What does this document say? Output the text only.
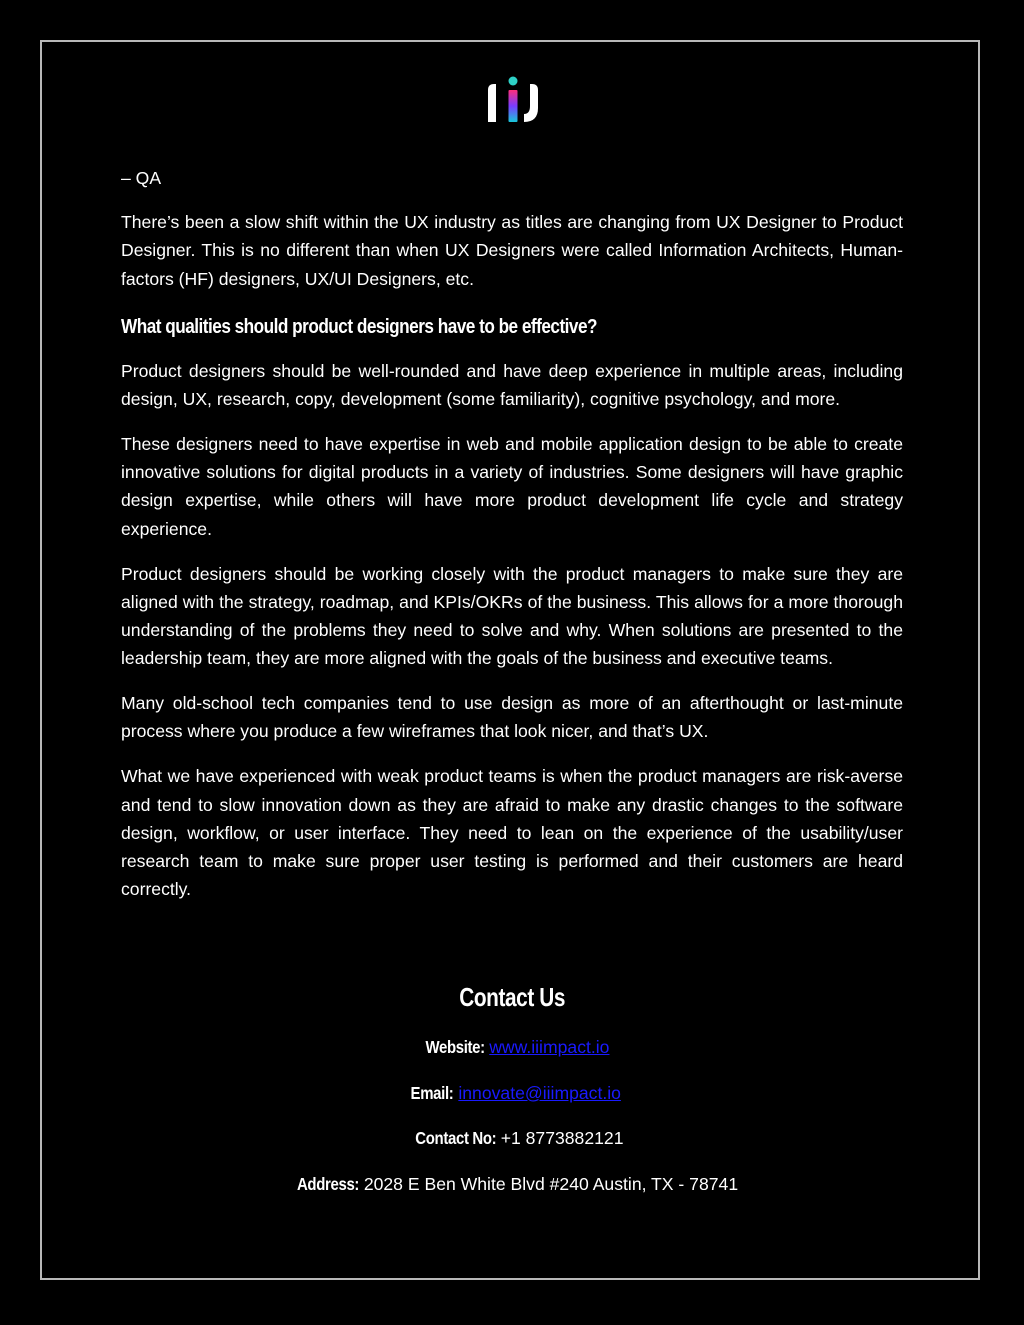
– QA

There’s been a slow shift within the UX industry as titles are changing from UX Designer to Product Designer. This is no different than when UX Designers were called Information Architects, Human-factors (HF) designers, UX/UI Designers, etc.

What qualities should product designers have to be effective?

Product designers should be well-rounded and have deep experience in multiple areas, including design, UX, research, copy, development (some familiarity), cognitive psychology, and more.

These designers need to have expertise in web and mobile application design to be able to create innovative solutions for digital products in a variety of industries. Some designers will have graphic design expertise, while others will have more product development life cycle and strategy experience.

Product designers should be working closely with the product managers to make sure they are aligned with the strategy, roadmap, and KPIs/OKRs of the business. This allows for a more thorough understanding of the problems they need to solve and why. When solutions are presented to the leadership team, they are more aligned with the goals of the business and executive teams.

Many old-school tech companies tend to use design as more of an afterthought or last-minute process where you produce a few wireframes that look nicer, and that’s UX.

What we have experienced with weak product teams is when the product managers are risk-averse and tend to slow innovation down as they are afraid to make any drastic changes to the software design, workflow, or user interface. They need to lean on the experience of the usability/user research team to make sure proper user testing is performed and their customers are heard correctly.

Contact Us
Website: www.iiimpact.io
Email: innovate@iiimpact.io
Contact No: +1 8773882121
Address: 2028 E Ben White Blvd #240 Austin, TX - 78741
